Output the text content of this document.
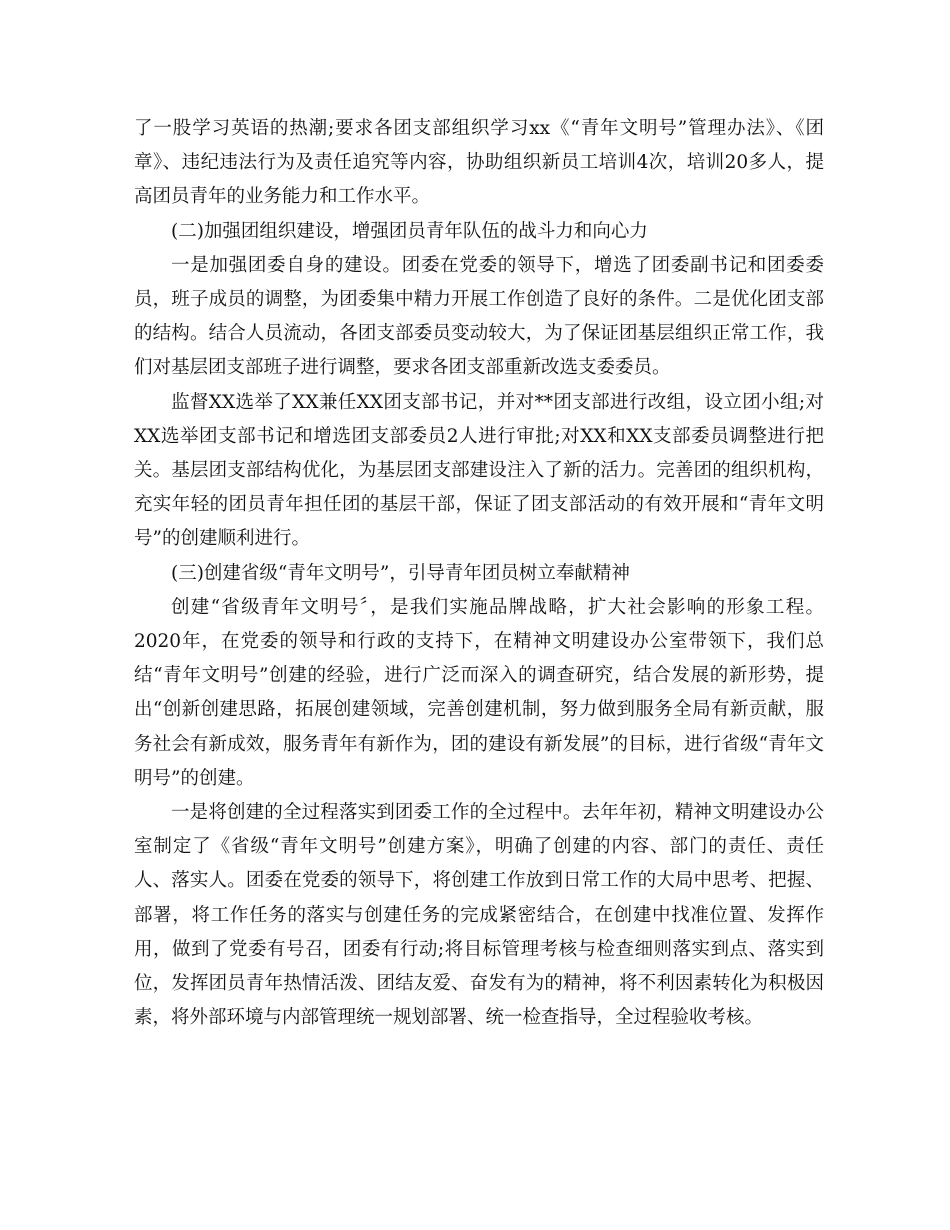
了一股学习英语的热潮;要求各团支部组织学习xx《“青年文明号”管理办法》、《团章》、违纪违法行为及责任追究等内容，协助组织新员工培训4次，培训20多人，提高团员青年的业务能力和工作水平。

(二)加强团组织建设，增强团员青年队伍的战斗力和向心力

一是加强团委自身的建设。团委在党委的领导下，增选了团委副书记和团委委员，班子成员的调整，为团委集中精力开展工作创造了良好的条件。二是优化团支部的结构。结合人员流动，各团支部委员变动较大，为了保证团基层组织正常工作，我们对基层团支部班子进行调整，要求各团支部重新改选支委委员。

监督XX选举了XX兼任XX团支部书记，并对**团支部进行改组，设立团小组;对XX选举团支部书记和增选团支部委员2人进行审批;对XX和XX支部委员调整进行把关。基层团支部结构优化，为基层团支部建设注入了新的活力。完善团的组织机构，充实年轻的团员青年担任团的基层干部，保证了团支部活动的有效开展和“青年文明号”的创建顺利进行。

(三)创建省级“青年文明号”，引导青年团员树立奉献精神

创建“省级青年文明号〞，是我们实施品牌战略，扩大社会影响的形象工程。2020年，在党委的领导和行政的支持下，在精神文明建设办公室带领下，我们总结“青年文明号”创建的经验，进行广泛而深入的调查研究，结合发展的新形势，提出“创新创建思路，拓展创建领域，完善创建机制，努力做到服务全局有新贡献，服务社会有新成效，服务青年有新作为，团的建设有新发展”的目标，进行省级“青年文明号”的创建。

一是将创建的全过程落实到团委工作的全过程中。去年年初，精神文明建设办公室制定了《省级“青年文明号”创建方案》，明确了创建的内容、部门的责任、责任人、落实人。团委在党委的领导下，将创建工作放到日常工作的大局中思考、把握、部署，将工作任务的落实与创建任务的完成紧密结合，在创建中找准位置、发挥作用，做到了党委有号召，团委有行动;将目标管理考核与检查细则落实到点、落实到位，发挥团员青年热情活泼、团结友爱、奋发有为的精神，将不利因素转化为积极因素，将外部环境与内部管理统一规划部署、统一检查指导，全过程验收考核。
